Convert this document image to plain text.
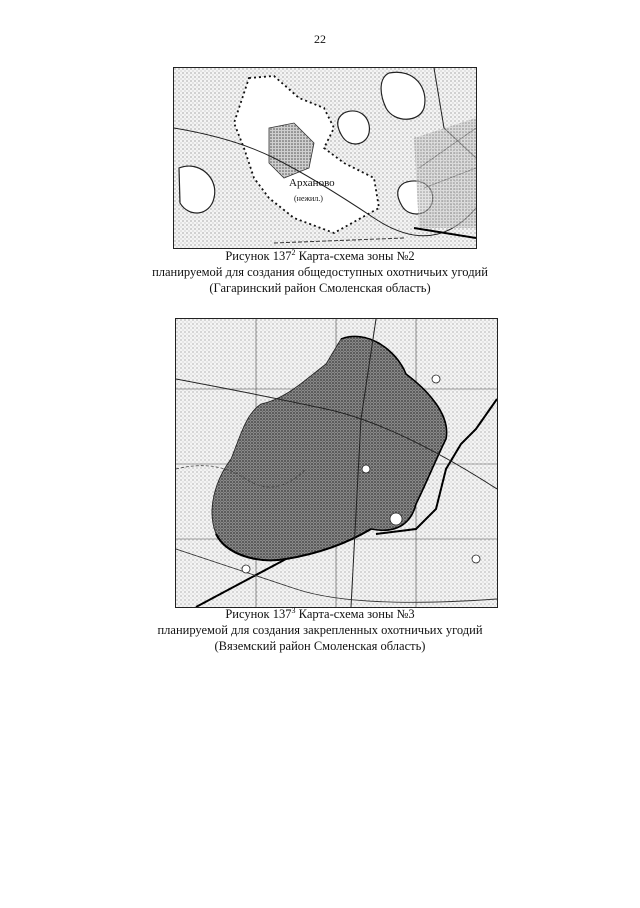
22
Арханово
(нежил.)
Рисунок $137^2$ Карта-схема зоны №2
планируемой для создания общедоступных охотничьих угодий
(Гагаринский район Смоленская область)
Рисунок $137^3$ Карта-схема зоны №3
планируемой для создания закрепленных охотничьих угодий
(Вяземский район Смоленская область)
